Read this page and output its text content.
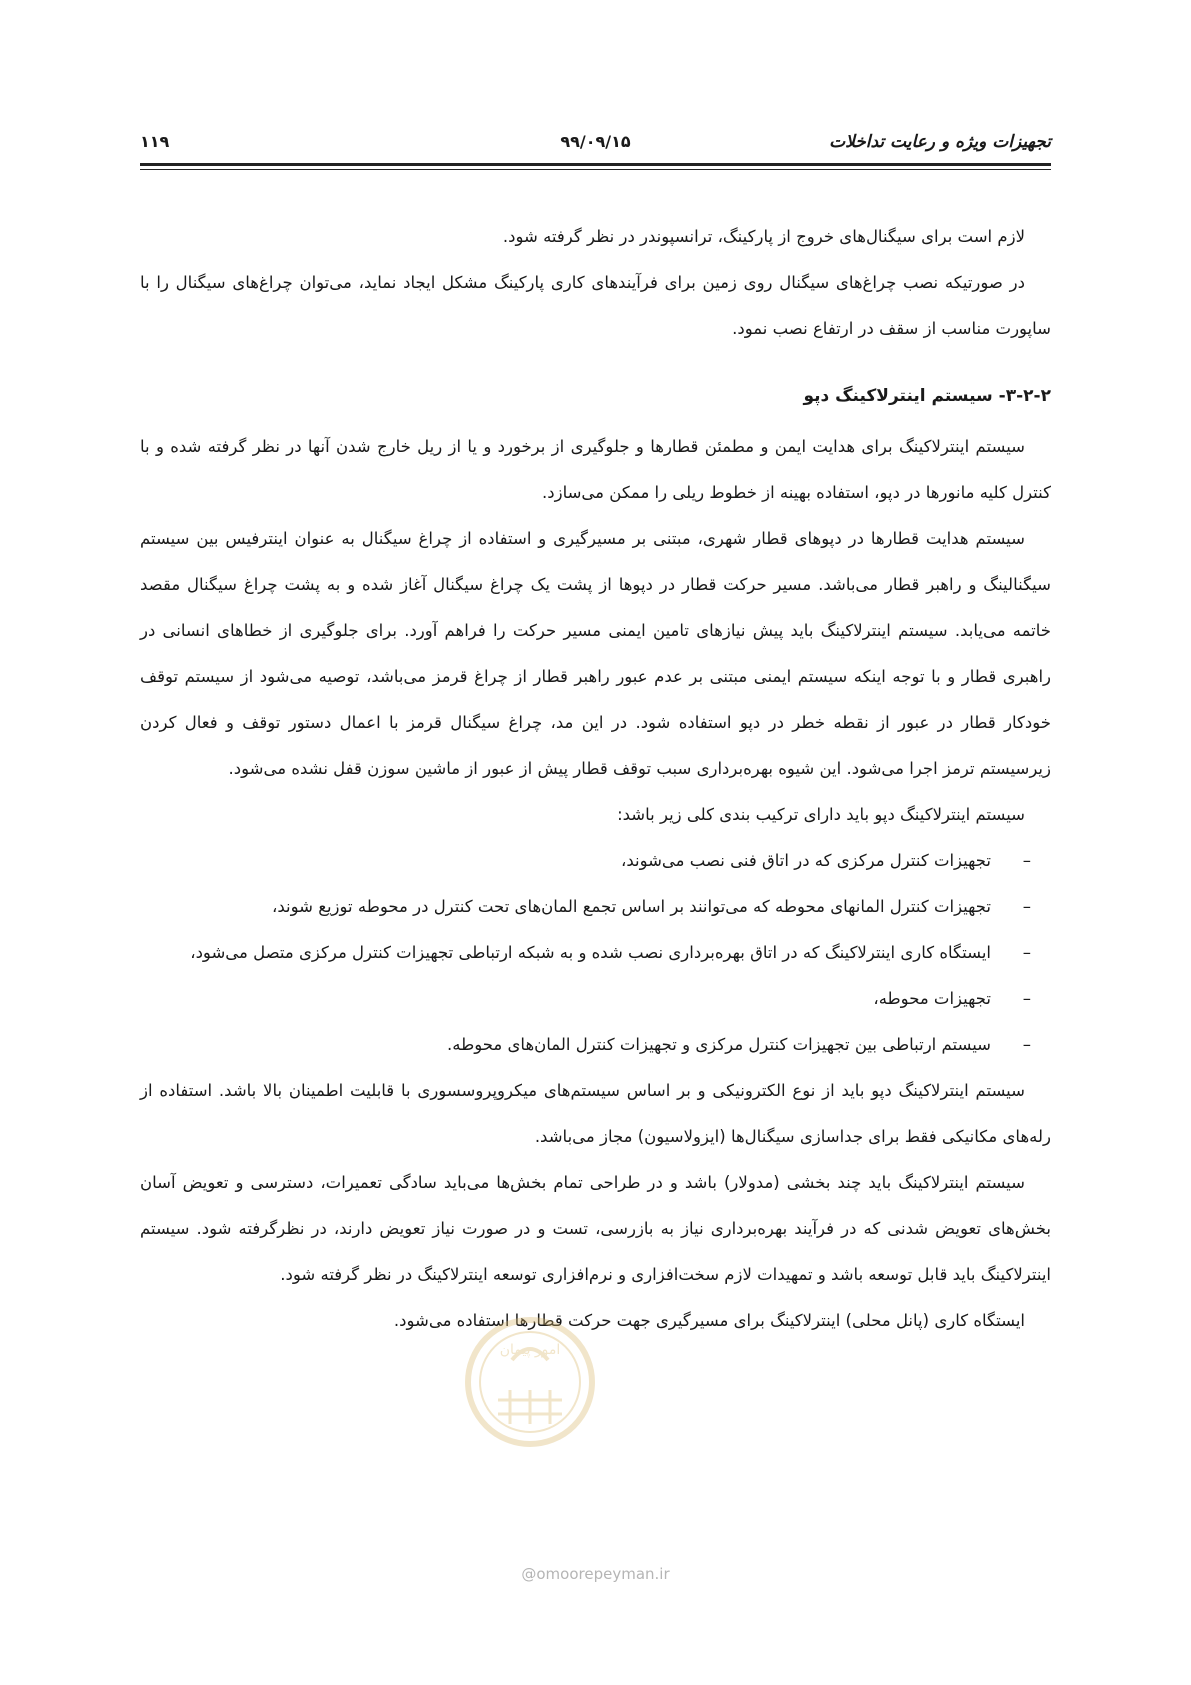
تجهیزات ویژه و رعایت تداخلات
۹۹/۰۹/۱۵
۱۱۹

لازم است برای سیگنال‌های خروج از پارکینگ، ترانسپوندر در نظر گرفته شود.

در صورتیکه نصب چراغ‌های سیگنال روی زمین برای فرآیندهای کاری پارکینگ مشکل ایجاد نماید، می‌توان چراغ‌های سیگنال را با ساپورت مناسب از سقف در ارتفاع نصب نمود.

۳-۲-۲- سیستم اینترلاکینگ دپو

سیستم اینترلاکینگ برای هدایت ایمن و مطمئن قطارها و جلوگیری از برخورد و یا از ریل خارج شدن آنها در نظر گرفته شده و با کنترل کلیه مانورها در دپو، استفاده بهینه از خطوط ریلی را ممکن می‌سازد.

سیستم هدایت قطارها در دپوهای قطار شهری، مبتنی بر مسیرگیری و استفاده از چراغ سیگنال به عنوان اینترفیس بین سیستم سیگنالینگ و راهبر قطار می‌باشد. مسیر حرکت قطار در دپوها از پشت یک چراغ سیگنال آغاز شده و به پشت چراغ سیگنال مقصد خاتمه می‌یابد. سیستم اینترلاکینگ باید پیش نیازهای تامین ایمنی مسیر حرکت را فراهم آورد. برای جلوگیری از خطاهای انسانی در راهبری قطار و با توجه اینکه سیستم ایمنی مبتنی بر عدم عبور راهبر قطار از چراغ قرمز می‌باشد، توصیه می‌شود از سیستم توقف خودکار قطار در عبور از نقطه خطر در دپو استفاده شود. در این مد، چراغ سیگنال قرمز با اعمال دستور توقف و فعال کردن زیرسیستم ترمز اجرا می‌شود. این شیوه بهره‌برداری سبب توقف قطار پیش از عبور از ماشین سوزن قفل نشده می‌شود.

سیستم اینترلاکینگ دپو باید دارای ترکیب بندی کلی زیر باشد:

–
تجهیزات کنترل مرکزی که در اتاق فنی نصب می‌شوند،
–
تجهیزات کنترل المانهای محوطه که می‌توانند بر اساس تجمع المان‌های تحت کنترل در محوطه توزیع شوند،
–
ایستگاه کاری اینترلاکینگ که در اتاق بهره‌برداری نصب شده و به شبکه ارتباطی تجهیزات کنترل مرکزی متصل می‌شود،
–
تجهیزات محوطه،
–
سیستم ارتباطی بین تجهیزات کنترل مرکزی و تجهیزات کنترل المان‌های محوطه.

سیستم اینترلاکینگ دپو باید از نوع الکترونیکی و بر اساس سیستم‌های میکروپروسسوری با قابلیت اطمینان بالا باشد. استفاده از رله‌های مکانیکی فقط برای جداسازی سیگنال‌ها (ایزولاسیون) مجاز می‌باشد.

سیستم اینترلاکینگ باید چند بخشی (مدولار) باشد و در طراحی تمام بخش‌ها می‌باید سادگی تعمیرات، دسترسی و تعویض آسان بخش‌های تعویض شدنی که در فرآیند بهره‌برداری نیاز به بازرسی، تست و در صورت نیاز تعویض دارند، در نظرگرفته شود. سیستم اینترلاکینگ باید قابل توسعه باشد و تمهیدات لازم سخت‌افزاری و نرم‌افزاری توسعه اینترلاکینگ در نظر گرفته شود.

ایستگاه کاری (پانل محلی) اینترلاکینگ برای مسیرگیری جهت حرکت قطارها استفاده می‌شود.

امور پیمان
@omoorepeyman.ir
